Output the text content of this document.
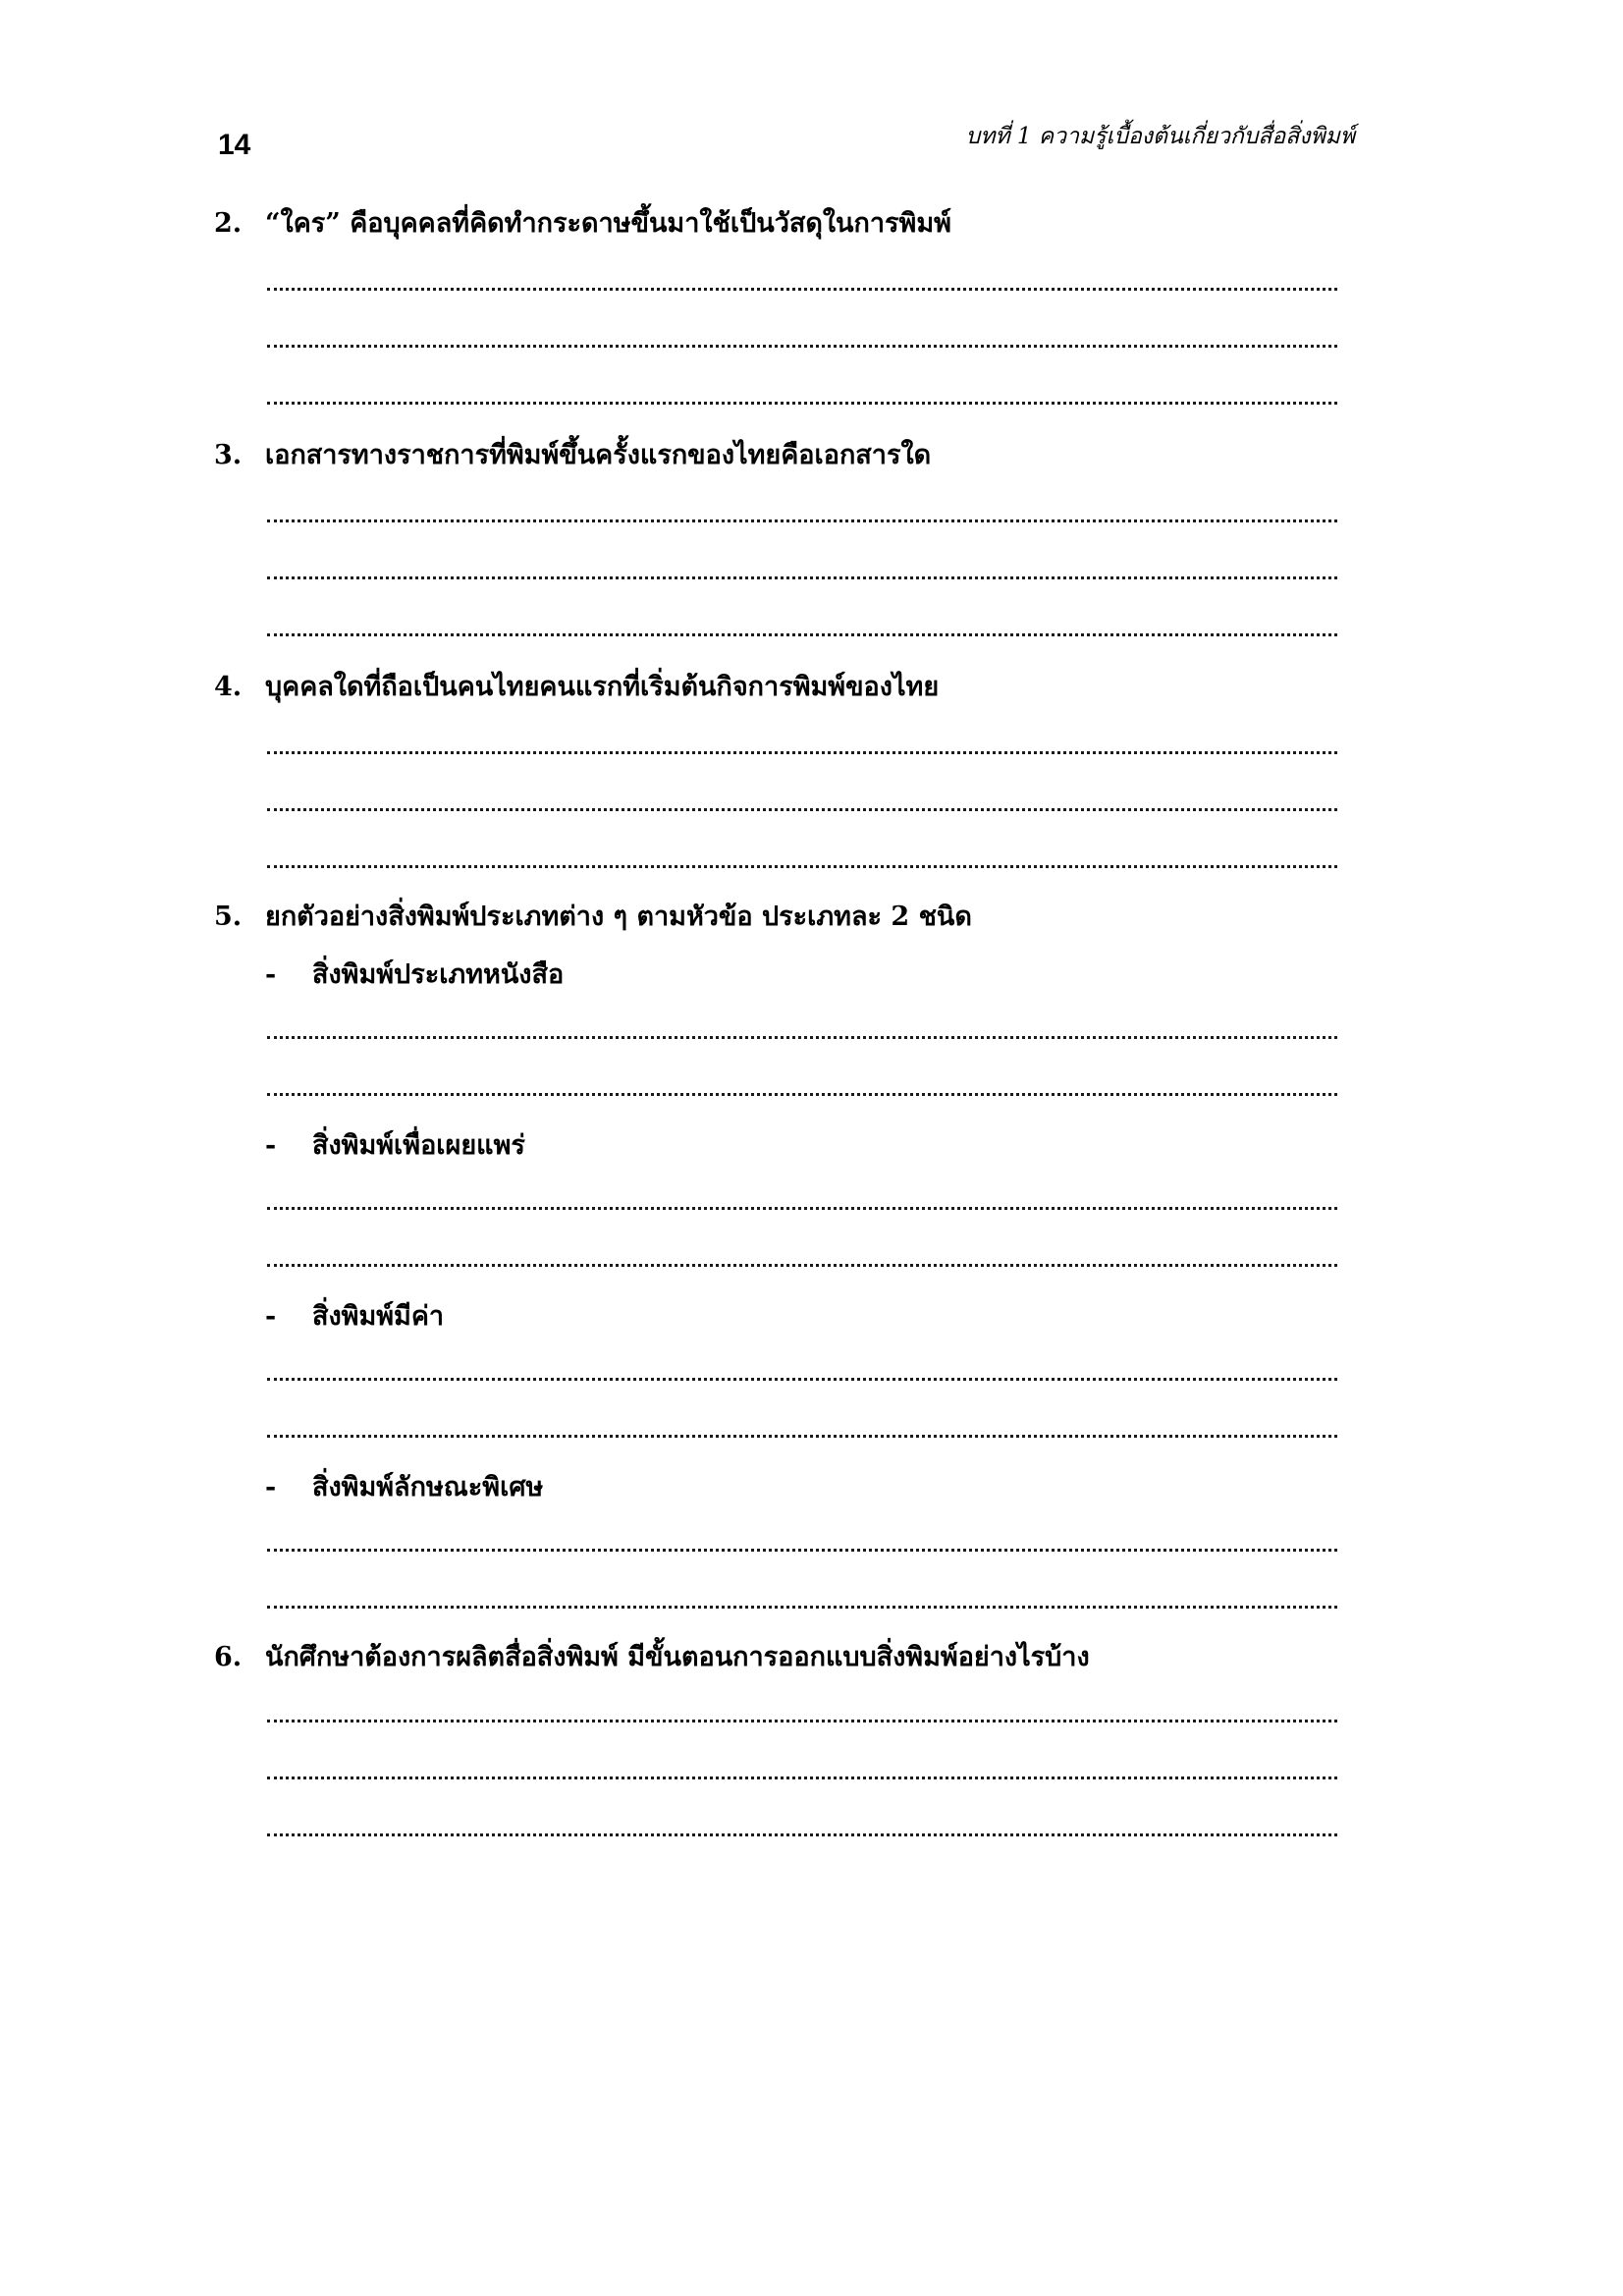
14	บทที่ 1 ความรู้เบื้องต้นเกี่ยวกับสื่อสิ่งพิมพ์
2. “ใคร” คือบุคคลที่คิดทำกระดาษขึ้นมาใช้เป็นวัสดุในการพิมพ์
3. เอกสารทางราชการที่พิมพ์ขึ้นครั้งแรกของไทยคือเอกสารใด
4. บุคคลใดที่ถือเป็นคนไทยคนแรกที่เริ่มต้นกิจการพิมพ์ของไทย
5. ยกตัวอย่างสิ่งพิมพ์ประเภทต่าง ๆ ตามหัวข้อ ประเภทละ 2 ชนิด
- สิ่งพิมพ์ประเภทหนังสือ
- สิ่งพิมพ์เพื่อเผยแพร่
- สิ่งพิมพ์มีค่า
- สิ่งพิมพ์ลักษณะพิเศษ
6. นักศึกษาต้องการผลิตสื่อสิ่งพิมพ์ มีขั้นตอนการออกแบบสิ่งพิมพ์อย่างไรบ้าง
